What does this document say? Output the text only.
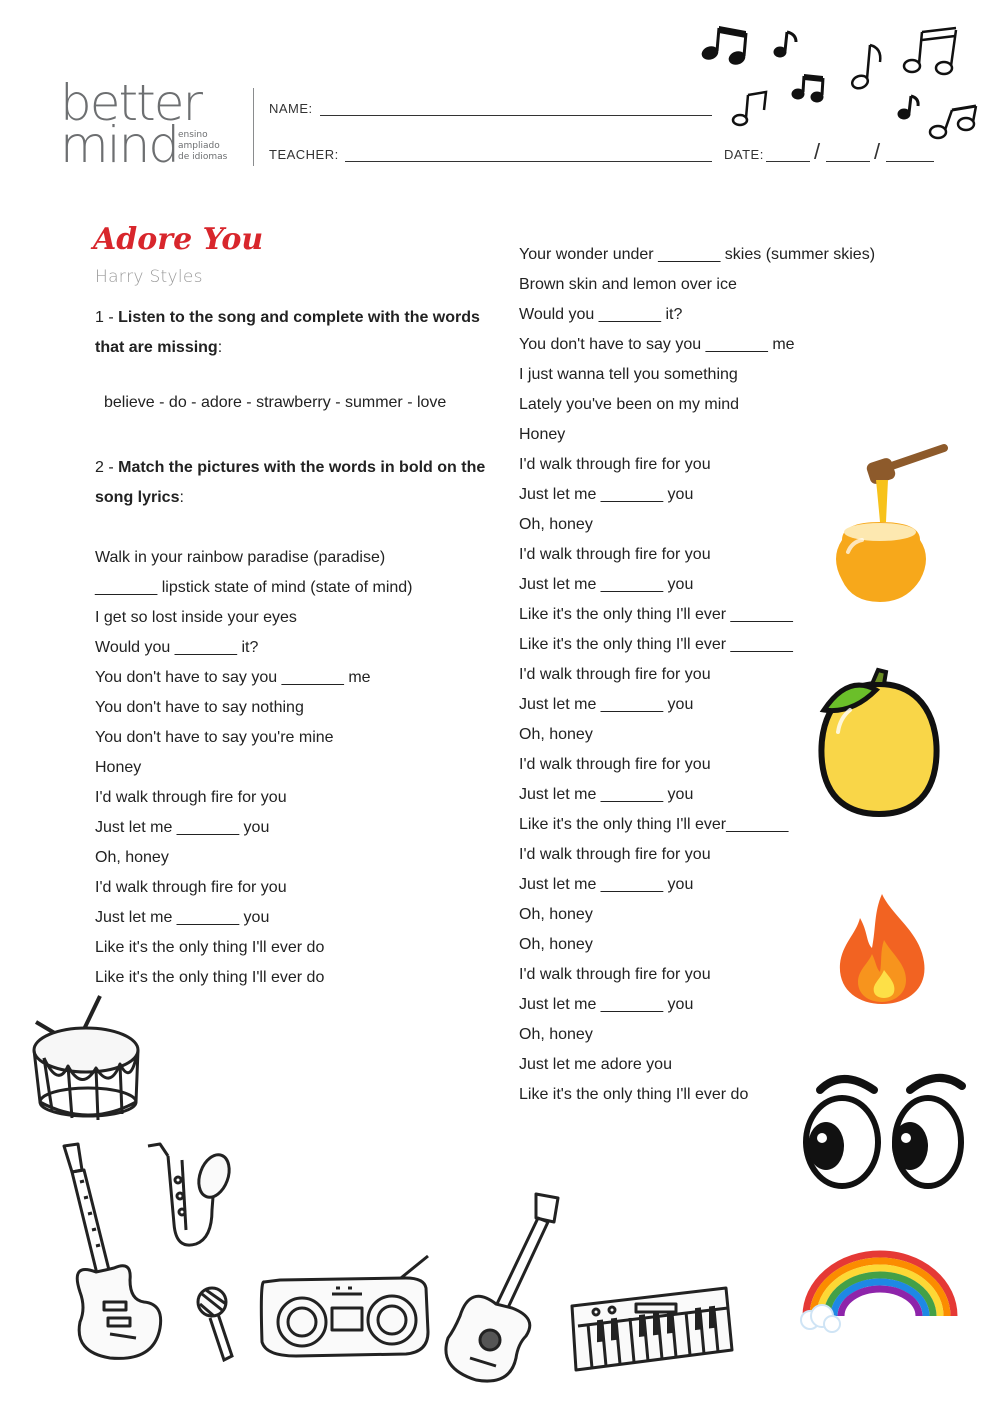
better
mind ensino
ampliado
de idiomas
NAME:
TEACHER:	DATE: / /
Adore You
Harry Styles
1 - Listen to the song and complete with the words that are missing:
believe - do - adore - strawberry - summer - love
2 - Match the pictures with the words in bold on the song lyrics:
Walk in your rainbow paradise (paradise)
_______ lipstick state of mind (state of mind)
I get so lost inside your eyes
Would you _______ it?
You don't have to say you _______ me
You don't have to say nothing
You don't have to say you're mine
Honey
I'd walk through fire for you
Just let me _______ you
Oh, honey
I'd walk through fire for you
Just let me _______ you
Like it's the only thing I'll ever do
Like it's the only thing I'll ever do
Your wonder under _______ skies (summer skies)
Brown skin and lemon over ice
Would you _______ it?
You don't have to say you _______ me
I just wanna tell you something
Lately you've been on my mind
Honey
I'd walk through fire for you
Just let me _______ you
Oh, honey
I'd walk through fire for you
Just let me _______ you
Like it's the only thing I'll ever _______
Like it's the only thing I'll ever _______
I'd walk through fire for you
Just let me _______ you
Oh, honey
I'd walk through fire for you
Just let me _______ you
Like it's the only thing I'll ever_______
I'd walk through fire for you
Just let me _______ you
Oh, honey
Oh, honey
I'd walk through fire for you
Just let me _______ you
Oh, honey
Just let me adore you
Like it's the only thing I'll ever do
